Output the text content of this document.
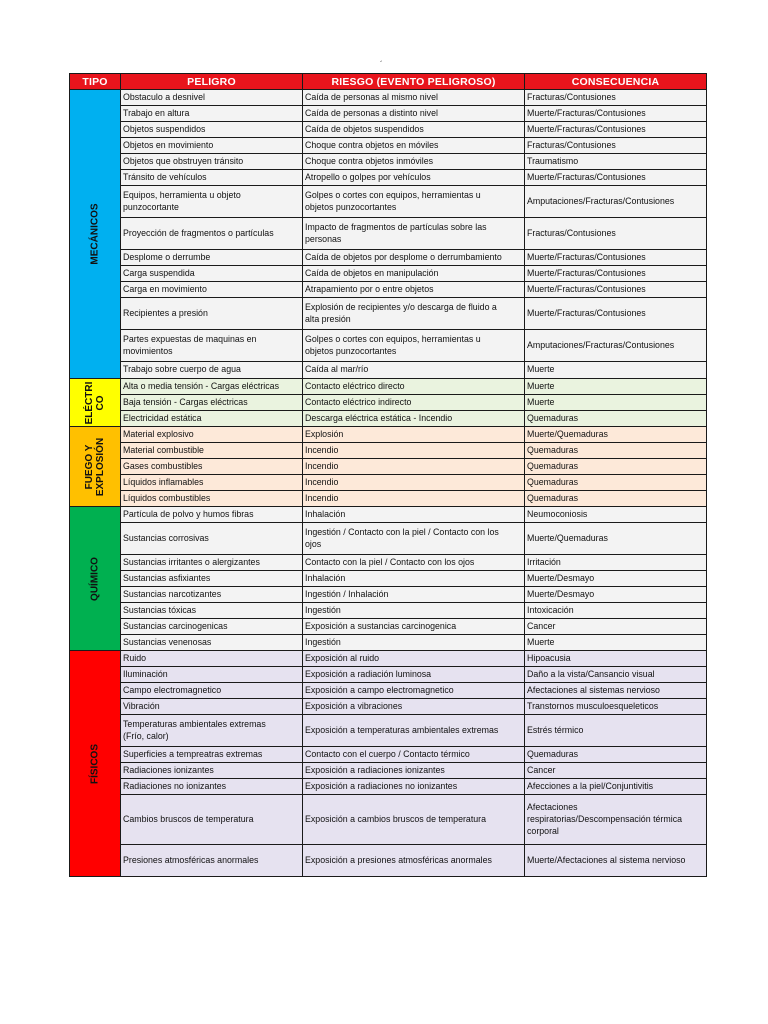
´
TIPO	PELIGRO	RIESGO (EVENTO PELIGROSO)	CONSECUENCIA

MECÁNICOS	Obstaculo a desnivel	Caída de personas al mismo nivel	Fracturas/Contusiones
	Trabajo en altura	Caída de personas a distinto nivel	Muerte/Fracturas/Contusiones
	Objetos suspendidos	Caída de objetos suspendidos	Muerte/Fracturas/Contusiones
	Objetos en movimiento	Choque contra objetos en móviles	Fracturas/Contusiones
	Objetos que obstruyen tránsito	Choque contra objetos inmóviles	Traumatismo
	Tránsito de vehículos	Atropello o golpes por vehículos	Muerte/Fracturas/Contusiones
	Equipos, herramienta u objeto punzocortante	Golpes o cortes con equipos, herramientas u objetos punzocortantes	Amputaciones/Fracturas/Contusiones
	Proyección de fragmentos o partículas	Impacto de fragmentos de partículas sobre las personas	Fracturas/Contusiones
	Desplome o derrumbe	Caída de objetos por desplome o derrumbamiento	Muerte/Fracturas/Contusiones
	Carga suspendida	Caída de objetos en manipulación	Muerte/Fracturas/Contusiones
	Carga en movimiento	Atrapamiento por o entre objetos	Muerte/Fracturas/Contusiones
	Recipientes a presión	Explosión de recipientes y/o descarga de fluido a alta presión	Muerte/Fracturas/Contusiones
	Partes expuestas de maquinas en movimientos	Golpes o cortes con equipos, herramientas u objetos punzocortantes	Amputaciones/Fracturas/Contusiones
	Trabajo sobre cuerpo de agua	Caída al mar/río	Muerte

ELÉCTRI
CO	Alta o media tensión - Cargas eléctricas	Contacto eléctrico directo	Muerte
	Baja tensión - Cargas eléctricas	Contacto eléctrico indirecto	Muerte
	Electricidad estática	Descarga eléctrica estática - Incendio	Quemaduras

FUEGO Y
EXPLOSIÓN	Material explosivo	Explosión	Muerte/Quemaduras
	Material combustible	Incendio	Quemaduras
	Gases combustibles	Incendio	Quemaduras
	Líquidos inflamables	Incendio	Quemaduras
	Líquidos combustibles	Incendio	Quemaduras

QUÍMICO	Partícula de polvo y humos fibras	Inhalación	Neumoconiosis
	Sustancias corrosivas	Ingestión / Contacto con la piel / Contacto con los ojos	Muerte/Quemaduras
	Sustancias irritantes o alergizantes	Contacto con la piel / Contacto con los ojos	Irritación
	Sustancias asfixiantes	Inhalación	Muerte/Desmayo
	Sustancias narcotizantes	Ingestión / Inhalación	Muerte/Desmayo
	Sustancias tóxicas	Ingestión	Intoxicación
	Sustancias carcinogenicas	Exposición a sustancias carcinogenica	Cancer
	Sustancias venenosas	Ingestión	Muerte

FÍSICOS	Ruido	Exposición al ruido	Hipoacusia
	Iluminación	Exposición a radiación luminosa	Daño a la vista/Cansancio visual
	Campo electromagnetico	Exposición a campo electromagnetico	Afectaciones al sistemas nervioso
	Vibración	Exposición a vibraciones	Transtornos musculoesqueleticos
	Temperaturas ambientales extremas (Frío, calor)	Exposición a temperaturas ambientales extremas	Estrés térmico
	Superficies a tempreatras extremas	Contacto con el cuerpo / Contacto térmico	Quemaduras
	Radiaciones ionizantes	Exposición a radiaciones ionizantes	Cancer
	Radiaciones no ionizantes	Exposición a radiaciones no ionizantes	Afecciones a la piel/Conjuntivitis
	Cambios bruscos de temperatura	Exposición a cambios bruscos de temperatura	Afectaciones respiratorias/Descompensación térmica corporal
	Presiones atmosféricas anormales	Exposición a presiones atmosféricas anormales	Muerte/Afectaciones al sistema nervioso
